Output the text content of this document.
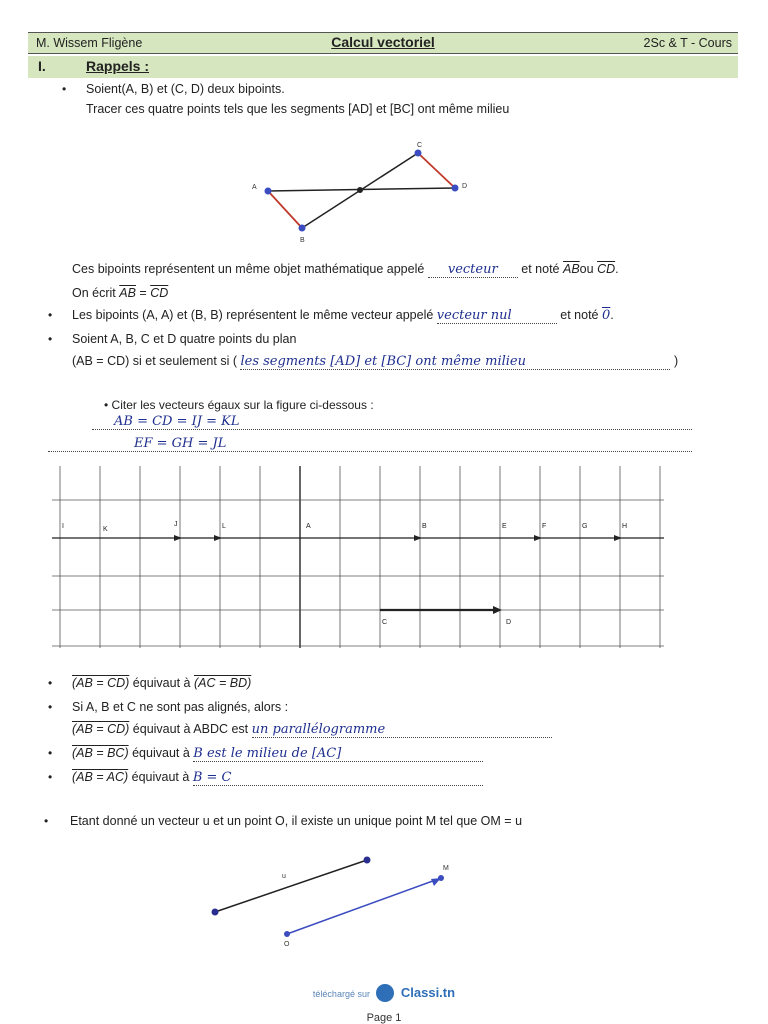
M. Wissem Fligène	Calcul vectoriel	2Sc & T - Cours
I.	Rappels :
• Soient(A, B) et (C, D) deux bipoints.
Tracer ces quatre points tels que les segments [AD] et [BC] ont même milieu
A
B
C
D
Ces bipoints représentent un même objet mathématique appelé vecteur et noté $\overline{AB}ou$ $\overline{CD}$.
On écrit $\overline{AB} = \overline{CD}$
• Les bipoints (A, A) et (B, B) représentent le même vecteur appelé vecteur nul	et noté 0.
• Soient A, B, C et D quatre points du plan
(AB = CD) si et seulement si ( les segments [AD] et [BC] ont même milieu	)
• Citer les vecteurs égaux sur la figure ci-dessous :
AB = CD = IJ = KL
EF = GH = JL
I	K
J	L	A	B	E	F	G	H
C	D
• (AB = CD) équivaut à (AC = BD)
• Si A, B et C ne sont pas alignés, alors :
(AB = CD) équivaut à ABDC est un parallélogramme
• (AB = BC) équivaut à B est le milieu de [AC]
• (AB = AC) équivaut à B = C
• Etant donné un vecteur u et un point O, il existe un unique point M tel que OM = u
u
O
M
téléchargé sur Classi.tn
Page 1
